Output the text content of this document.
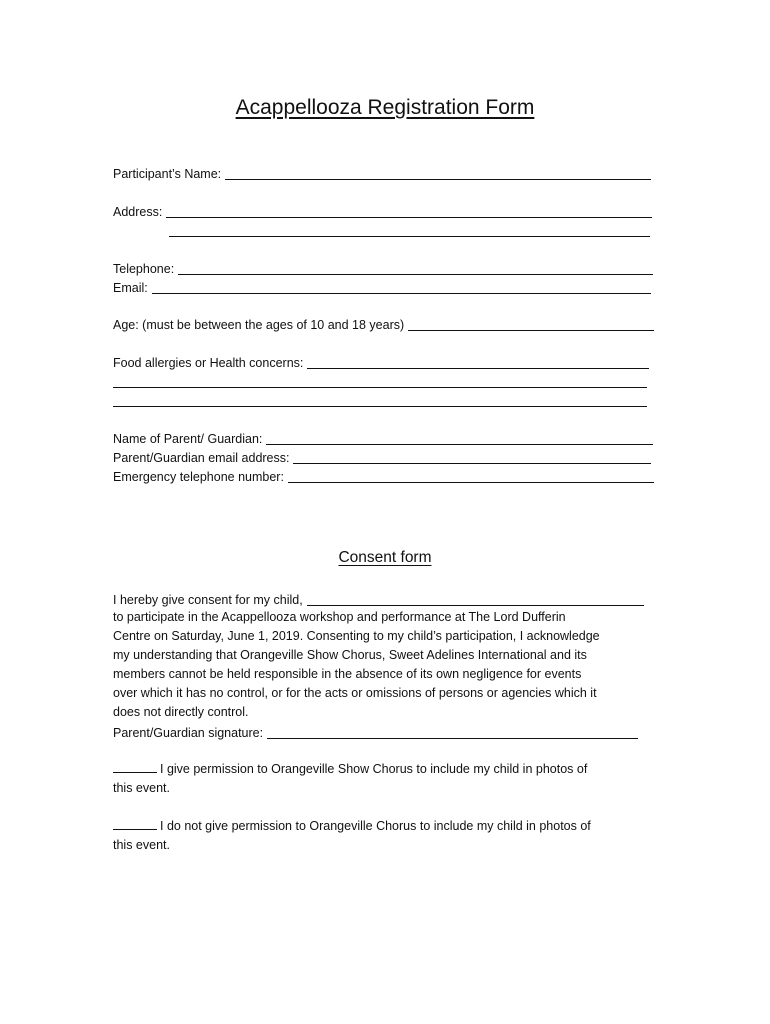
Acappellooza Registration Form
Participant’s Name:
Address:
Telephone:
Email:
Age: (must be between the ages of 10 and 18 years)
Food allergies or Health concerns:
Name of Parent/ Guardian:
Parent/Guardian email address:
Emergency telephone number:
Consent form
I hereby give consent for my child,
to participate in the Acappellooza workshop and performance at The Lord Dufferin
Centre on Saturday, June 1, 2019. Consenting to my child’s participation, I acknowledge
my understanding that Orangeville Show Chorus, Sweet Adelines International and its
members cannot be held responsible in the absence of its own negligence for events
over which it has no control, or for the acts or omissions of persons or agencies which it
does not directly control.
Parent/Guardian signature:
I give permission to Orangeville Show Chorus to include my child in photos of
this event.
I do not give permission to Orangeville Chorus to include my child in photos of
this event.
